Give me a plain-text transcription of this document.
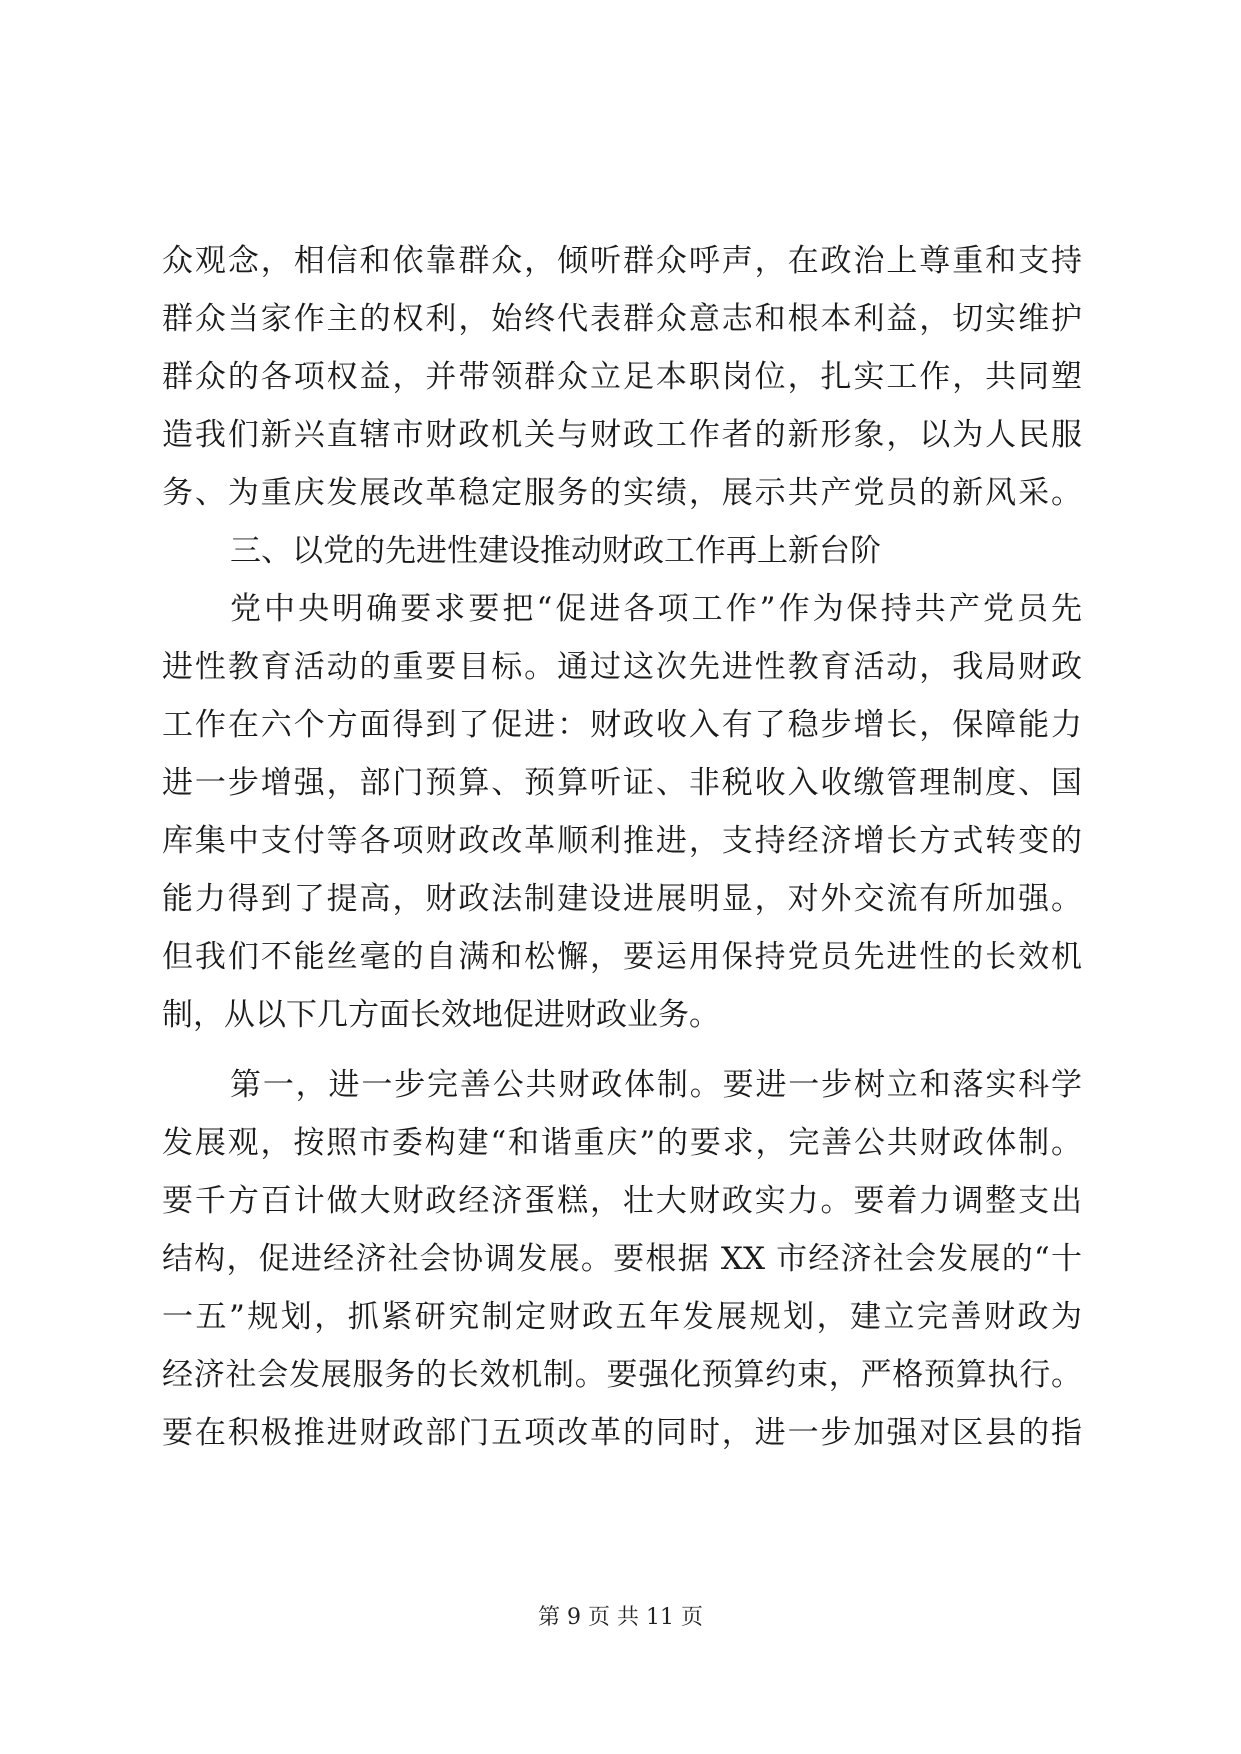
众观念，相信和依靠群众，倾听群众呼声，在政治上尊重和支持
群众当家作主的权利，始终代表群众意志和根本利益，切实维护
群众的各项权益，并带领群众立足本职岗位，扎实工作，共同塑
造我们新兴直辖市财政机关与财政工作者的新形象，以为人民服
务、为重庆发展改革稳定服务的实绩，展示共产党员的新风采。
三、以党的先进性建设推动财政工作再上新台阶
党中央明确要求要把“促进各项工作”作为保持共产党员先
进性教育活动的重要目标。通过这次先进性教育活动，我局财政
工作在六个方面得到了促进：财政收入有了稳步增长，保障能力
进一步增强，部门预算、预算听证、非税收入收缴管理制度、国
库集中支付等各项财政改革顺利推进，支持经济增长方式转变的
能力得到了提高，财政法制建设进展明显，对外交流有所加强。
但我们不能丝毫的自满和松懈，要运用保持党员先进性的长效机
制，从以下几方面长效地促进财政业务。
第一，进一步完善公共财政体制。要进一步树立和落实科学
发展观，按照市委构建“和谐重庆”的要求，完善公共财政体制。
要千方百计做大财政经济蛋糕，壮大财政实力。要着力调整支出
结构，促进经济社会协调发展。要根据 XX 市经济社会发展的“十
一五”规划，抓紧研究制定财政五年发展规划，建立完善财政为
经济社会发展服务的长效机制。要强化预算约束，严格预算执行。
要在积极推进财政部门五项改革的同时，进一步加强对区县的指
第 9 页 共 11 页
